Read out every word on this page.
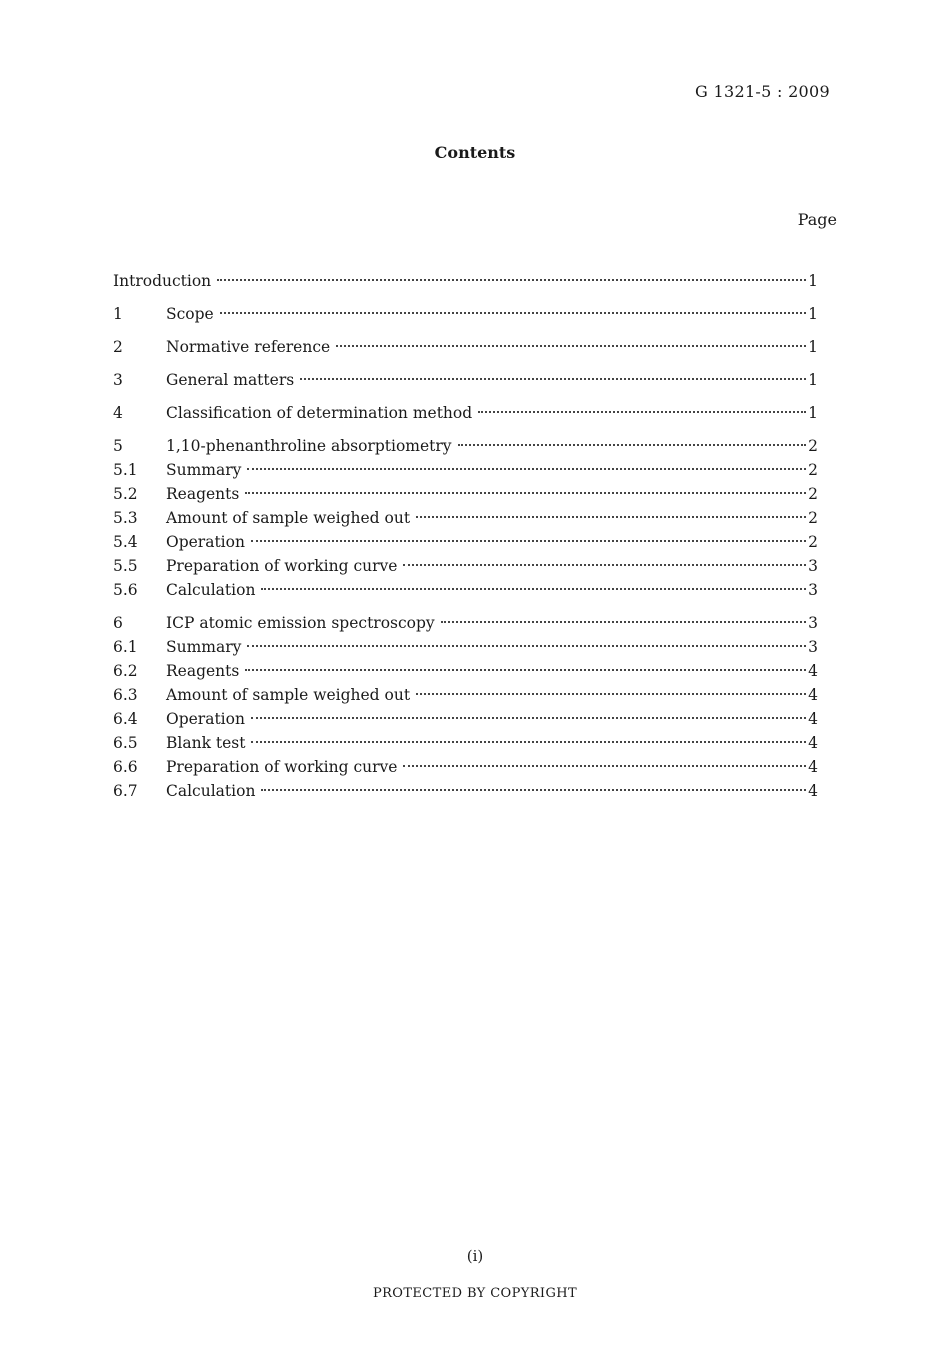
G 1321-5 : 2009
Contents
Page
Introduction	1
1	Scope	1
2	Normative reference	1
3	General matters	1
4	Classification of determination method	1
5	1,10-phenanthroline absorptiometry	2
5.1	Summary	2
5.2	Reagents	2
5.3	Amount of sample weighed out	2
5.4	Operation	2
5.5	Preparation of working curve	3
5.6	Calculation	3
6	ICP atomic emission spectroscopy	3
6.1	Summary	3
6.2	Reagents	4
6.3	Amount of sample weighed out	4
6.4	Operation	4
6.5	Blank test	4
6.6	Preparation of working curve	4
6.7	Calculation	4
(i)
PROTECTED BY COPYRIGHT
